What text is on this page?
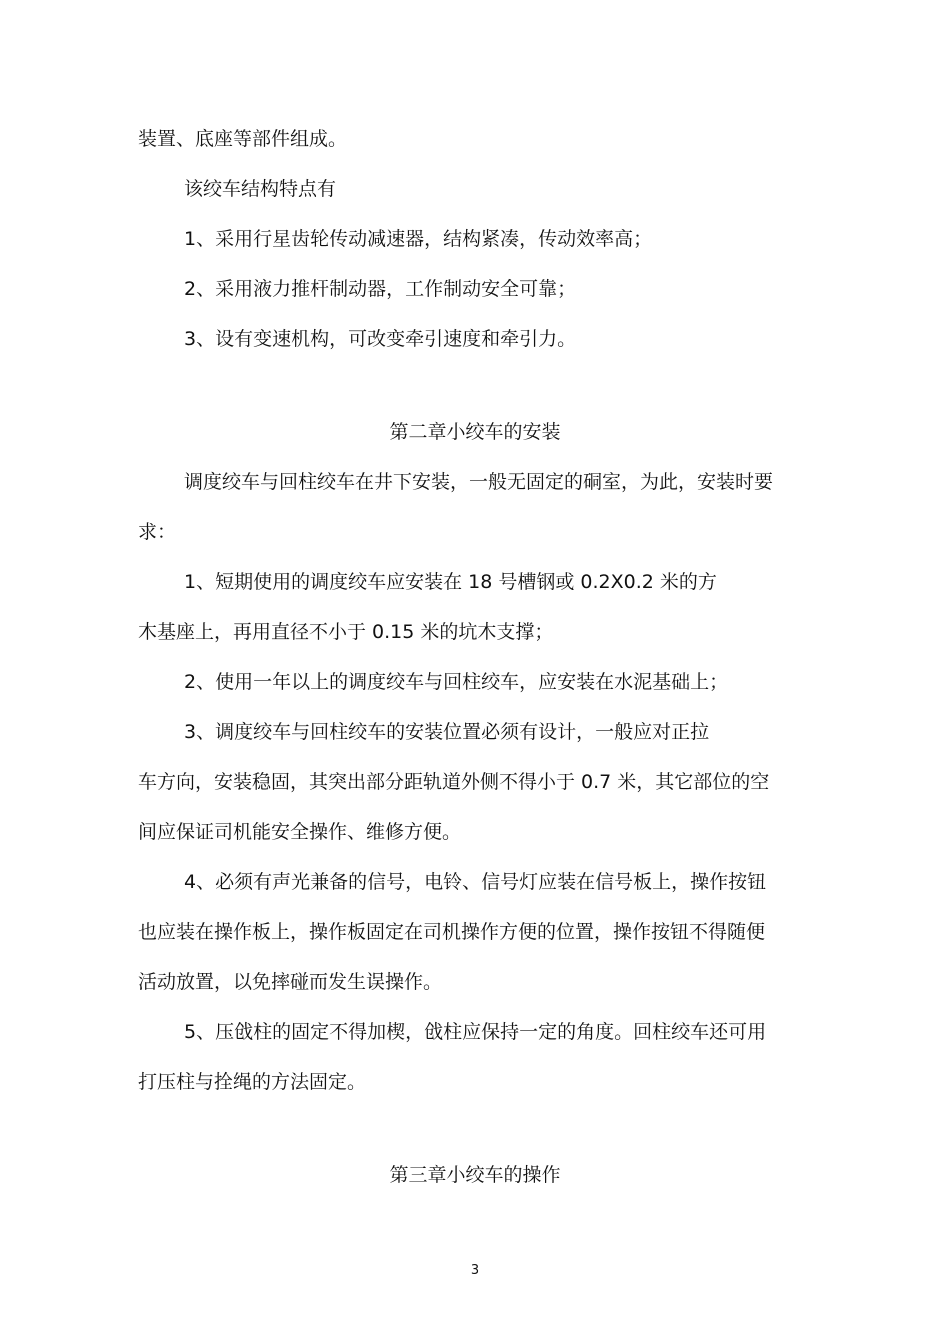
装置、底座等部件组成。
该绞车结构特点有
1、采用行星齿轮传动减速器，结构紧凑，传动效率高；
2、采用液力推杆制动器，工作制动安全可靠；
3、设有变速机构，可改变牵引速度和牵引力。
第二章小绞车的安装
调度绞车与回柱绞车在井下安装，一般无固定的硐室，为此，安装时要
求：
1、短期使用的调度绞车应安装在 18 号槽钢或 0.2X0.2 米的方
木基座上，再用直径不小于 0.15 米的坑木支撑；
2、使用一年以上的调度绞车与回柱绞车，应安装在水泥基础上；
3、调度绞车与回柱绞车的安装位置必须有设计，一般应对正拉
车方向，安装稳固，其突出部分距轨道外侧不得小于 0.7 米，其它部位的空
间应保证司机能安全操作、维修方便。
4、必须有声光兼备的信号，电铃、信号灯应装在信号板上，操作按钮
也应装在操作板上，操作板固定在司机操作方便的位置，操作按钮不得随便
活动放置，以免摔碰而发生误操作。
5、压戗柱的固定不得加楔，戗柱应保持一定的角度。回柱绞车还可用
打压柱与拴绳的方法固定。
第三章小绞车的操作
3
